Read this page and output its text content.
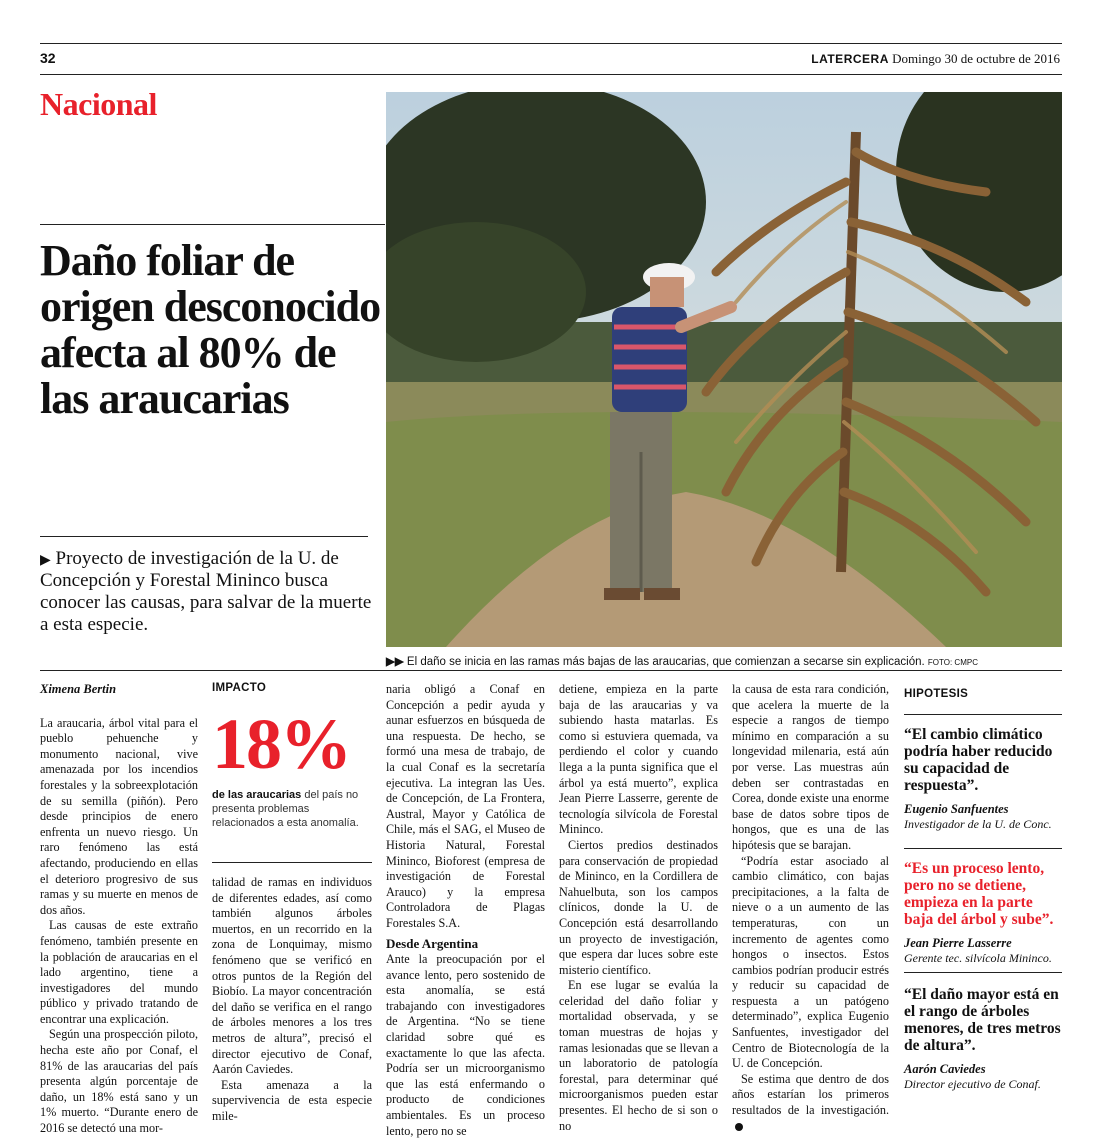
32	LATERCERA Domingo 30 de octubre de 2016
Nacional
Daño foliar de origen desconocido afecta al 80% de las araucarias
▶ Proyecto de investigación de la U. de Concepción y Forestal Mininco busca conocer las causas, para salvar de la muerte a esta especie.
▶▶ El daño se inicia en las ramas más bajas de las araucarias, que comienzan a secarse sin explicación. FOTO: CMPC
Ximena Bertin

La araucaria, árbol vital para el pueblo pehuenche y monumento nacional, vive amenazada por los incendios forestales y la sobreexplotación de su semilla (piñón). Pero desde principios de enero enfrenta un nuevo riesgo. Un raro fenómeno las está afectando, produciendo en ellas el deterioro progresivo de sus ramas y su muerte en menos de dos años.

Las causas de este extraño fenómeno, también presente en la población de araucarias en el lado argentino, tiene a investigadores del mundo público y privado tratando de encontrar una explicación.

Según una prospección piloto, hecha este año por Conaf, el 81% de las araucarias del país presenta algún porcentaje de daño, un 18% está sano y un 1% muerto. “Durante enero de 2016 se detectó una mor-

IMPACTO
18%
de las araucarias del país no presenta problemas relacionados a esta anomalía.

talidad de ramas en individuos de diferentes edades, así como también algunos árboles muertos, en un recorrido en la zona de Lonquimay, mismo fenómeno que se verificó en otros puntos de la Región del Biobío. La mayor concentración del daño se verifica en el rango de árboles menores a los tres metros de altura”, precisó el director ejecutivo de Conaf, Aarón Caviedes.

Esta amenaza a la supervivencia de esta especie mile-

naria obligó a Conaf en Concepción a pedir ayuda y aunar esfuerzos en búsqueda de una respuesta. De hecho, se formó una mesa de trabajo, de la cual Conaf es la secretaría ejecutiva. La integran las Ues. de Concepción, de La Frontera, Austral, Mayor y Católica de Chile, más el SAG, el Museo de Historia Natural, Forestal Mininco, Bioforest (empresa de investigación de Forestal Arauco) y la empresa Controladora de Plagas Forestales S.A.

Desde Argentina

Ante la preocupación por el avance lento, pero sostenido de esta anomalía, se está trabajando con investigadores de Argentina. “No se tiene claridad sobre qué es exactamente lo que las afecta. Podría ser un microorganismo que las está enfermando o producto de condiciones ambientales. Es un proceso lento, pero no se

detiene, empieza en la parte baja de las araucarias y va subiendo hasta matarlas. Es como si estuviera quemada, va perdiendo el color y cuando llega a la punta significa que el árbol ya está muerto”, explica Jean Pierre Lasserre, gerente de tecnología silvícola de Forestal Mininco.

Ciertos predios destinados para conservación de propiedad de Mininco, en la Cordillera de Nahuelbuta, son los campos clínicos, donde la U. de Concepción está desarrollando un proyecto de investigación, que espera dar luces sobre este misterio científico.

En ese lugar se evalúa la celeridad del daño foliar y mortalidad observada, y se toman muestras de hojas y ramas lesionadas que se llevan a un laboratorio de patología forestal, para determinar qué microorganismos pueden estar presentes. El hecho de si son o no

la causa de esta rara condición, que acelera la muerte de la especie a rangos de tiempo mínimo en comparación a su longevidad milenaria, está aún por verse. Las muestras aún deben ser contrastadas en Corea, donde existe una enorme base de datos sobre tipos de hongos, que es una de las hipótesis que se barajan.

“Podría estar asociado al cambio climático, con bajas precipitaciones, a la falta de nieve o a un aumento de las temperaturas, con un incremento de agentes como hongos o insectos. Estos cambios podrían producir estrés y reducir su capacidad de respuesta a un patógeno determinado”, explica Eugenio Sanfuentes, investigador del Centro de Biotecnología de la U. de Concepción.

Se estima que dentro de dos años estarían los primeros resultados de la investigación.

HIPOTESIS
“El cambio climático podría haber reducido su capacidad de respuesta”.
Eugenio Sanfuentes
Investigador de la U. de Conc.
“Es un proceso lento, pero no se detiene, empieza en la parte baja del árbol y sube”.
Jean Pierre Lasserre
Gerente tec. silvícola Mininco.
“El daño mayor está en el rango de árboles menores, de tres metros de altura”.
Aarón Caviedes
Director ejecutivo de Conaf.
